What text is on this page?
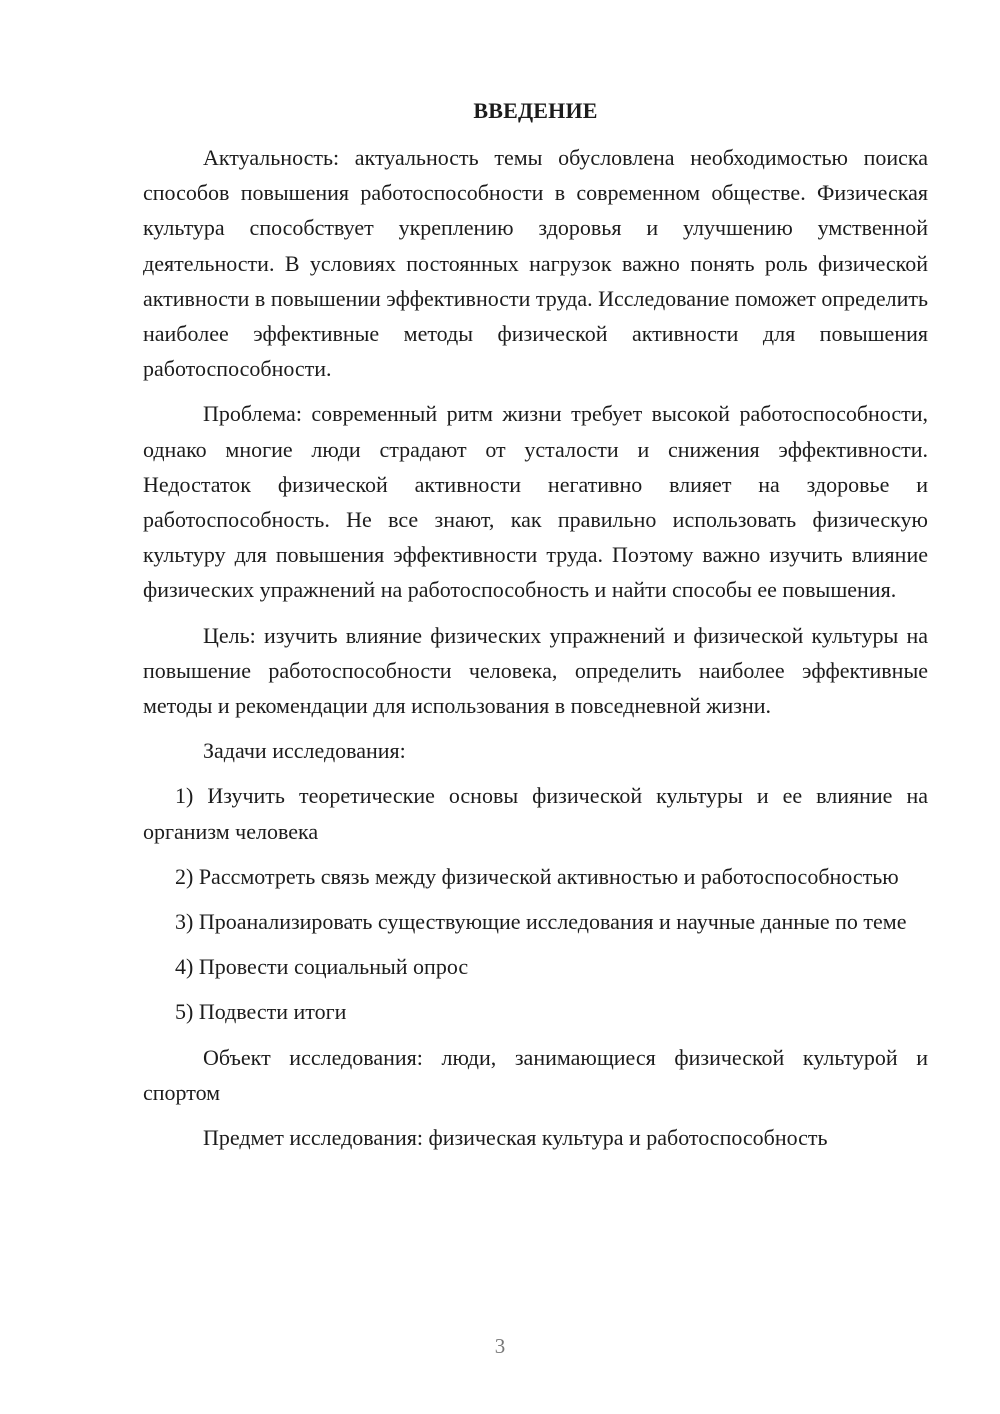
ВВЕДЕНИЕ

Актуальность: актуальность темы обусловлена необходимостью поиска способов повышения работоспособности в современном обществе. Физическая культура способствует укреплению здоровья и улучшению умственной деятельности. В условиях постоянных нагрузок важно понять роль физической активности в повышении эффективности труда. Исследование поможет определить наиболее эффективные методы физической активности для повышения работоспособности.

Проблема: современный ритм жизни требует высокой работоспособности, однако многие люди страдают от усталости и снижения эффективности. Недостаток физической активности негативно влияет на здоровье и работоспособность. Не все знают, как правильно использовать физическую культуру для повышения эффективности труда. Поэтому важно изучить влияние физических упражнений на работоспособность и найти способы ее повышения.

Цель: изучить влияние физических упражнений и физической культуры на повышение работоспособности человека, определить наиболее эффективные методы и рекомендации для использования в повседневной жизни.

Задачи исследования:

1) Изучить теоретические основы физической культуры и ее влияние на организм человека

2) Рассмотреть связь между физической активностью и работоспособностью

3) Проанализировать существующие исследования и научные данные по теме

4) Провести социальный опрос

5) Подвести итоги

Объект исследования: люди, занимающиеся физической культурой и спортом

Предмет исследования: физическая культура и работоспособность

3
